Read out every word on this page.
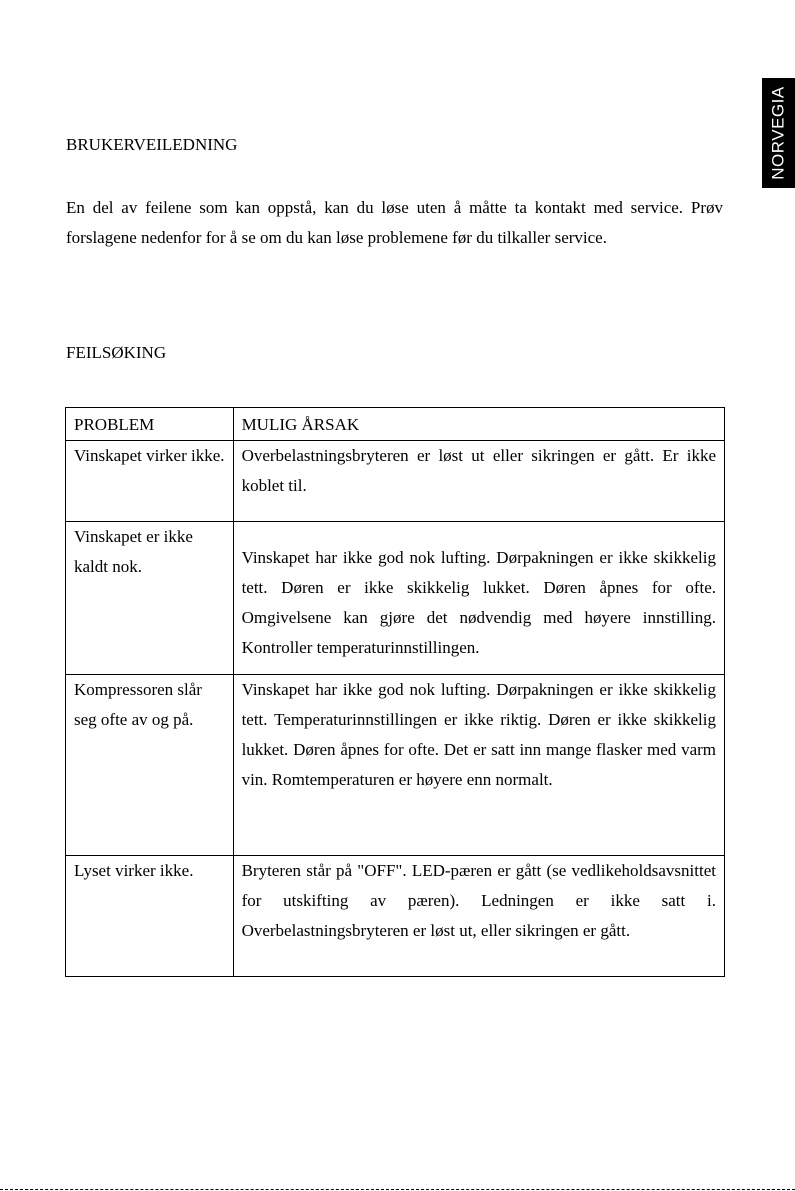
NORVEGIA
BRUKERVEILEDNING

En del av feilene som kan oppstå, kan du løse uten å måtte ta kontakt med service. Prøv forslagene nedenfor for å se om du kan løse problemene før du tilkaller service.

FEILSØKING
PROBLEM	MULIG ÅRSAK

Vinskapet virker ikke.	Overbelastningsbryteren er løst ut eller sikringen er gått. Er ikke koblet til.

Vinskapet er ikke kaldt nok.	Vinskapet har ikke god nok lufting. Dørpakningen er ikke skikkelig tett. Døren er ikke skikkelig lukket. Døren åpnes for ofte. Omgivelsene kan gjøre det nødvendig med høyere innstilling. Kontroller temperaturinnstillingen.

Kompressoren slår seg ofte av og på.	Vinskapet har ikke god nok lufting. Dørpakningen er ikke skikkelig tett. Temperaturinnstillingen er ikke riktig. Døren er ikke skikkelig lukket. Døren åpnes for ofte. Det er satt inn mange flasker med varm vin. Romtemperaturen er høyere enn normalt.

Lyset virker ikke.	Bryteren står på "OFF". LED-pæren er gått (se vedlikeholdsavsnittet for utskifting av pæren). Ledningen er ikke satt i. Overbelastningsbryteren er løst ut, eller sikringen er gått.
